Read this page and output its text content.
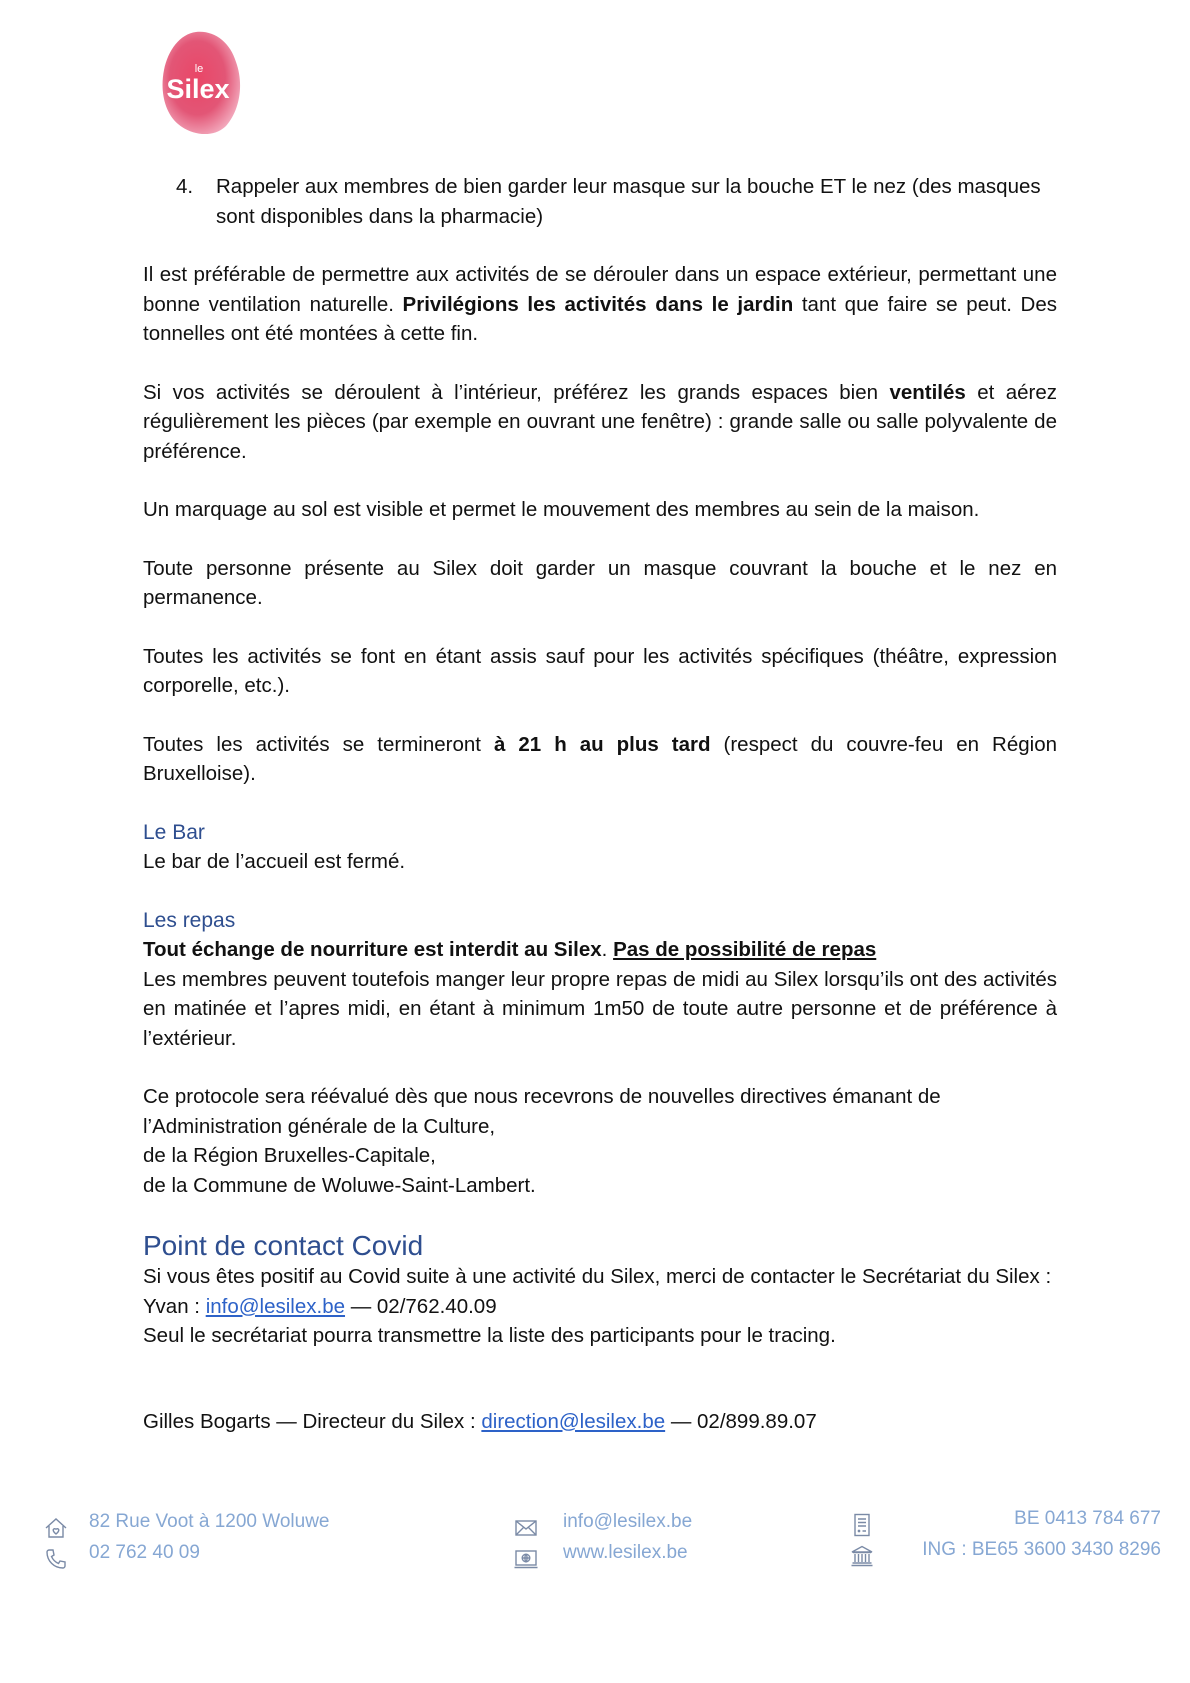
le
Silex
4. Rappeler aux membres de bien garder leur masque sur la bouche ET le nez (des masques sont disponibles dans la pharmacie)

Il est préférable de permettre aux activités de se dérouler dans un espace extérieur, permettant une bonne ventilation naturelle. Privilégions les activités dans le jardin tant que faire se peut. Des tonnelles ont été montées à cette fin.

Si vos activités se déroulent à l’intérieur, préférez les grands espaces bien ventilés et aérez régulièrement les pièces (par exemple en ouvrant une fenêtre) : grande salle ou salle polyvalente de préférence.

Un marquage au sol est visible et permet le mouvement des membres au sein de la maison.

Toute personne présente au Silex doit garder un masque couvrant la bouche et le nez en permanence.

Toutes les activités se font en étant assis sauf pour les activités spécifiques (théâtre, expression corporelle, etc.).

Toutes les activités se termineront à 21 h au plus tard (respect du couvre-feu en Région Bruxelloise).

Le Bar
Le bar de l’accueil est fermé.
Les repas
Tout échange de nourriture est interdit au Silex. Pas de possibilité de repas
Les membres peuvent toutefois manger leur propre repas de midi au Silex lorsqu’ils ont des activités en matinée et l’apres midi, en étant à minimum 1m50 de toute autre personne et de préférence à l’extérieur.
Ce protocole sera réévalué dès que nous recevrons de nouvelles directives émanant de
l’Administration générale de la Culture,
de la Région Bruxelles-Capitale,
de la Commune de Woluwe-Saint-Lambert.
Point de contact Covid
Si vous êtes positif au Covid suite à une activité du Silex, merci de contacter le Secrétariat du Silex : Yvan : info@lesilex.be — 02/762.40.09
Seul le secrétariat pourra transmettre la liste des participants pour le tracing.
Gilles Bogarts — Directeur du Silex : direction@lesilex.be — 02/899.89.07
82 Rue Voot à 1200 Woluwe
02 762 40 09
info@lesilex.be
www.lesilex.be
BE 0413 784 677
ING : BE65 3600 3430 8296
